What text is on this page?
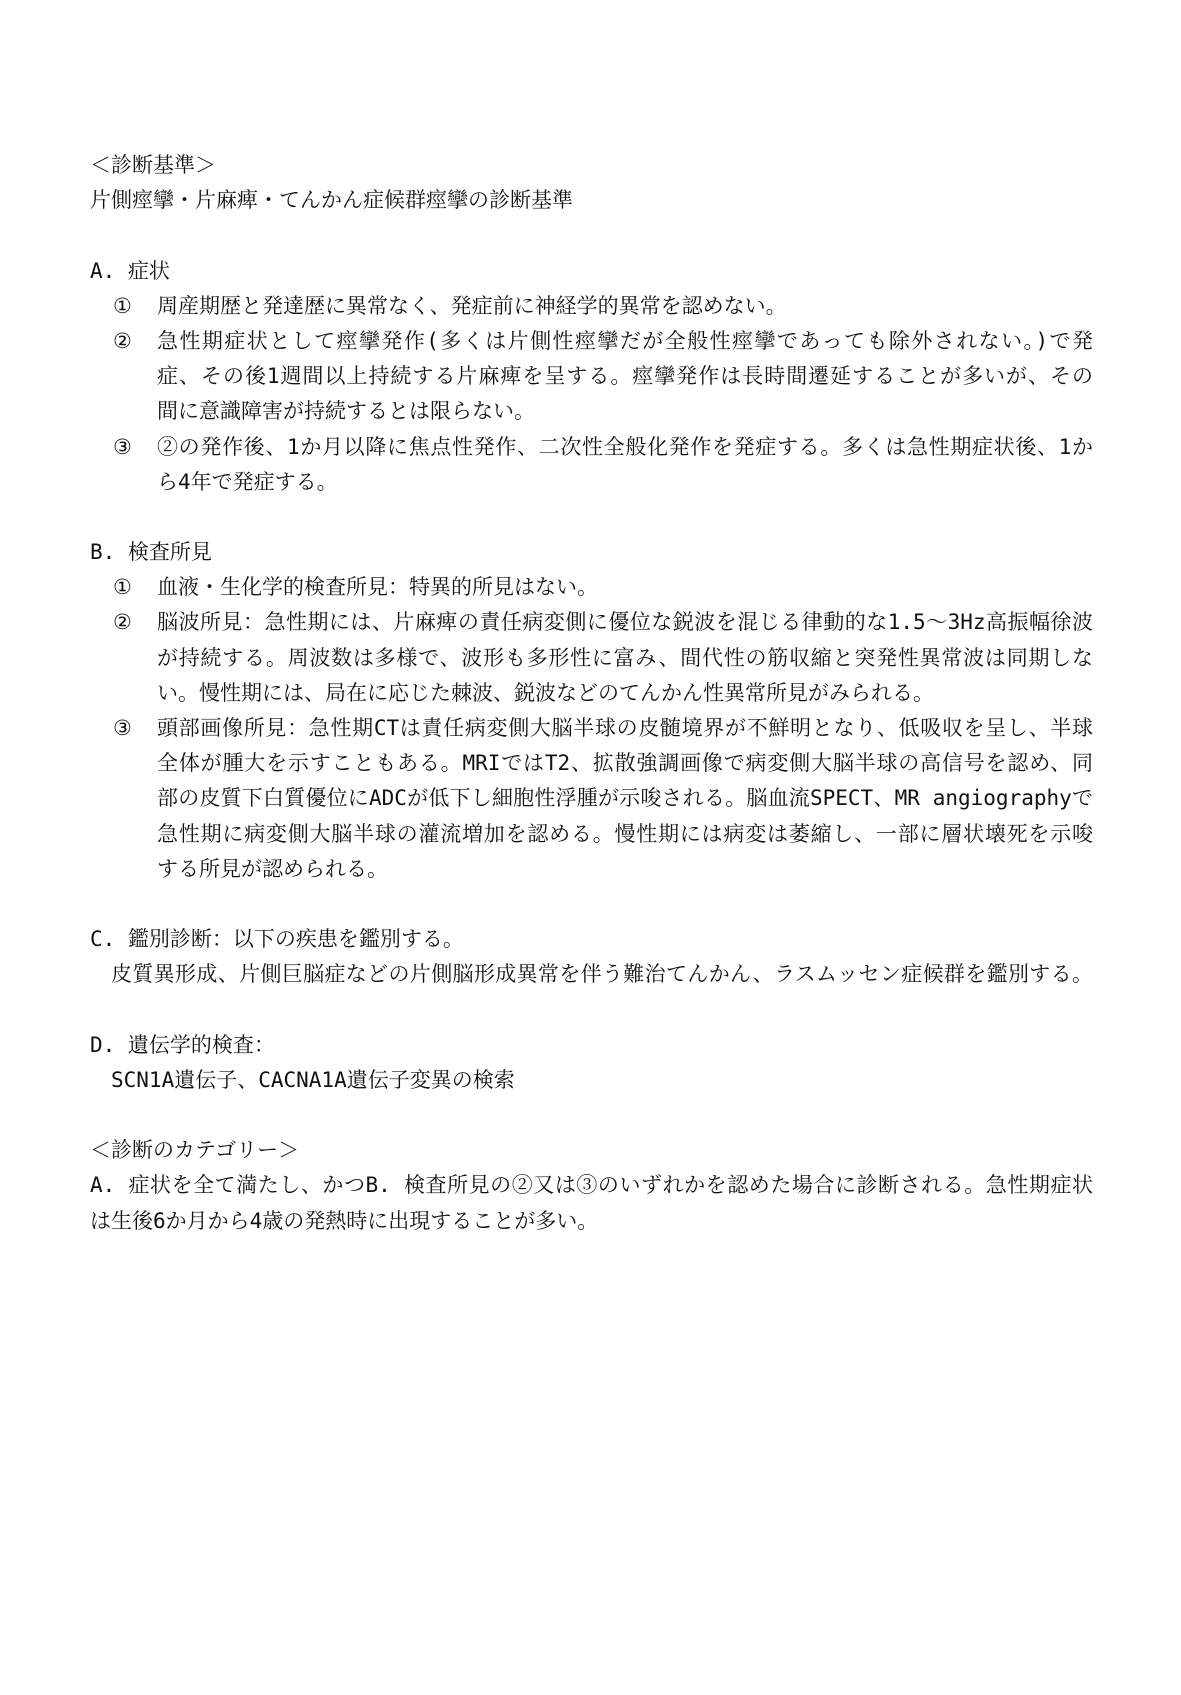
＜診断基準＞
片側痙攣・片麻痺・てんかん症候群痙攣の診断基準
A. 症状
① 周産期歴と発達歴に異常なく、発症前に神経学的異常を認めない。
② 急性期症状として痙攣発作(多くは片側性痙攣だが全般性痙攣であっても除外されない。)で発
症、その後1週間以上持続する片麻痺を呈する。痙攣発作は長時間遷延することが多いが、その
間に意識障害が持続するとは限らない。
③ ②の発作後、1か月以降に焦点性発作、二次性全般化発作を発症する。多くは急性期症状後、1か
ら4年で発症する。
B. 検査所見
① 血液・生化学的検査所見：特異的所見はない。
② 脳波所見：急性期には、片麻痺の責任病変側に優位な鋭波を混じる律動的な1.5～3Hz高振幅徐波
が持続する。周波数は多様で、波形も多形性に富み、間代性の筋収縮と突発性異常波は同期しな
い。慢性期には、局在に応じた棘波、鋭波などのてんかん性異常所見がみられる。
③ 頭部画像所見：急性期CTは責任病変側大脳半球の皮髄境界が不鮮明となり、低吸収を呈し、半球
全体が腫大を示すこともある。MRIではT2、拡散強調画像で病変側大脳半球の高信号を認め、同
部の皮質下白質優位にADCが低下し細胞性浮腫が示唆される。脳血流SPECT、MR angiographyで
急性期に病変側大脳半球の灌流増加を認める。慢性期には病変は萎縮し、一部に層状壊死を示唆
する所見が認められる。
C. 鑑別診断：以下の疾患を鑑別する。
皮質異形成、片側巨脳症などの片側脳形成異常を伴う難治てんかん、ラスムッセン症候群を鑑別する。
D. 遺伝学的検査：
SCN1A遺伝子、CACNA1A遺伝子変異の検索
＜診断のカテゴリー＞
A. 症状を全て満たし、かつB. 検査所見の②又は③のいずれかを認めた場合に診断される。急性期症状
は生後6か月から4歳の発熱時に出現することが多い。
